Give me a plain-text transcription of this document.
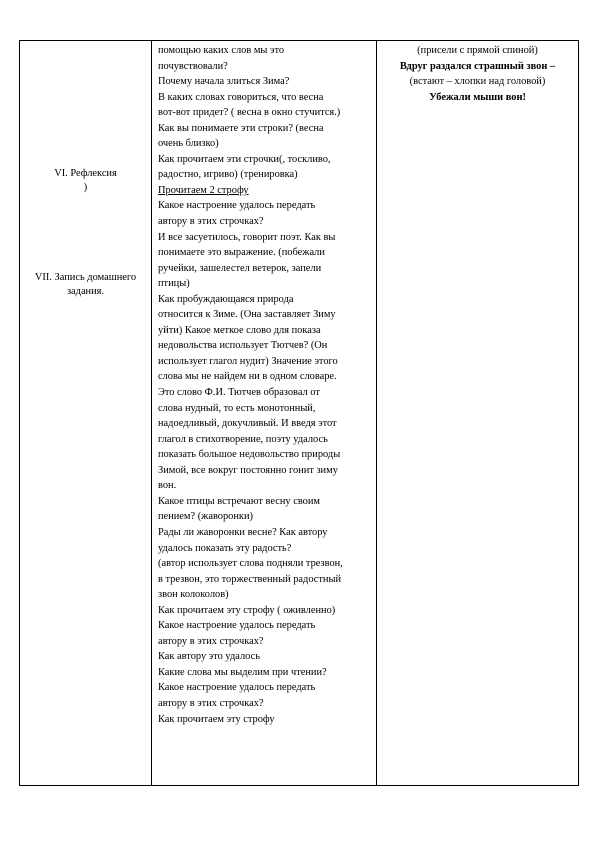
VI. Рефлексия
)
VII. Запись домашнего
задания.

помощью каких слов мы это
почувствовали?
Почему начала злиться Зима?
В каких словах говориться, что весна
вот-вот придет? ( весна в окно стучится.)
Как вы понимаете эти строки? (весна
очень близко)
Как прочитаем эти строчки(, тоскливо,
радостно, игриво) (тренировка)
Прочитаем 2 строфу
Какое настроение удалось передать
автору в этих строчках?
И все засуетилось, говорит поэт. Как вы
понимаете это выражение. (побежали
ручейки, зашелестел ветерок, запели
птицы)
Как пробуждающаяся природа
относится к Зиме. (Она заставляет Зиму
уйти) Какое меткое слово для показа
недовольства использует Тютчев? (Он
использует глагол нудит) Значение этого
слова мы не найдем ни в одном словаре.
Это слово Ф.И. Тютчев образовал от
слова нудный, то есть монотонный,
надоедливый, докучливый. И введя этот
глагол в стихотворение, поэту удалось
показать большое недовольство природы
Зимой, все вокруг постоянно гонит зиму
вон.
Какое птицы встречают весну своим
пением? (жаворонки)
Рады ли жаворонки весне? Как автору
удалось показать эту радость?
(автор использует слова подняли трезвон,
в трезвон, это торжественный радостный
звон колоколов)
Как прочитаем эту строфу ( оживленно)
Какое настроение удалось передать
автору в этих строчках?
Как автору это удалось
Какие слова мы выделим при чтении?
Какое настроение удалось передать
автору в этих строчках?
Как прочитаем эту строфу

(присели с прямой спиной)
Вдруг раздался страшный звон –
(встают – хлопки над головой)
Убежали мыши вон!
